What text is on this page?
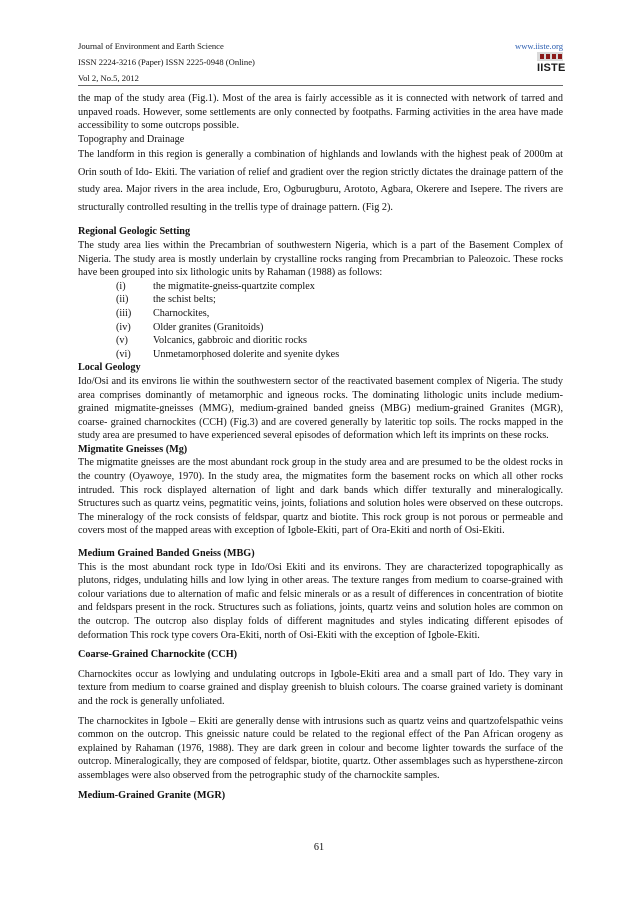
Journal of Environment and Earth Science	www.iiste.org
ISSN 2224-3216 (Paper) ISSN 2225-0948 (Online)
Vol 2, No.5, 2012
IISTE

the map of the study area (Fig.1). Most of the area is fairly accessible as it is connected with network of tarred and unpaved roads. However, some settlements are only connected by footpaths. Farming activities in the area have made accessibility to some outcrops possible.

Topography and Drainage

The landform in this region is generally a combination of highlands and lowlands with the highest peak of 2000m at Orin south of Ido- Ekiti. The variation of relief and gradient over the region strictly dictates the drainage pattern of the study area. Major rivers in the area include, Ero, Ogburugburu, Arototo, Agbara, Okerere and Isepere. The rivers are structurally controlled resulting in the trellis type of drainage pattern. (Fig 2).

Regional Geologic Setting

The study area lies within the Precambrian of southwestern Nigeria, which is a part of the Basement Complex of Nigeria. The study area is mostly underlain by crystalline rocks ranging from Precambrian to Paleozoic. These rocks have been grouped into six lithologic units by Rahaman (1988) as follows:

(i)	the migmatite-gneiss-quartzite complex
(ii) the schist belts;
(iii) Charnockites,
(iv) Older granites (Granitoids)
(v) Volcanics, gabbroic and dioritic rocks
(vi) Unmetamorphosed dolerite and syenite dykes

Local Geology

Ido/Osi and its environs lie within the southwestern sector of the reactivated basement complex of Nigeria. The study area comprises dominantly of metamorphic and igneous rocks. The dominating lithologic units include medium-grained migmatite-gneisses (MMG), medium-grained banded gneiss (MBG) medium-grained Granites (MGR), coarse- grained charnockites (CCH) (Fig.3) and are covered generally by lateritic top soils. The rocks mapped in the study area are presumed to have experienced several episodes of deformation which left its imprints on these rocks.

Migmatite Gneisses (Mg)

The migmatite gneisses are the most abundant rock group in the study area and are presumed to be the oldest rocks in the country (Oyawoye, 1970). In the study area, the migmatites form the basement rocks on which all other rocks intruded. This rock displayed alternation of light and dark bands which differ texturally and mineralogically. Structures such as quartz veins, pegmatitic veins, joints, foliations and solution holes were observed on these outcrops. The mineralogy of the rock consists of feldspar, quartz and biotite. This rock group is not porous or permeable and covers most of the mapped areas with exception of Igbole-Ekiti, part of Ora-Ekiti and north of Osi-Ekiti.

Medium Grained Banded Gneiss (MBG)

This is the most abundant rock type in Ido/Osi Ekiti and its environs. They are characterized topographically as plutons, ridges, undulating hills and low lying in other areas. The texture ranges from medium to coarse-grained with colour variations due to alternation of mafic and felsic minerals or as a result of differences in concentration of biotite and feldspars present in the rock. Structures such as foliations, joints, quartz veins and solution holes are common on the outcrop. The outcrop also display folds of different magnitudes and styles indicating different episodes of deformation This rock type covers Ora-Ekiti, north of Osi-Ekiti with the exception of Igbole-Ekiti.

Coarse-Grained Charnockite (CCH)

Charnockites occur as lowlying and undulating outcrops in Igbole-Ekiti area and a small part of Ido. They vary in texture from medium to coarse grained and display greenish to bluish colours. The coarse grained variety is dominant and the rock is generally unfoliated.

The charnockites in Igbole – Ekiti are generally dense with intrusions such as quartz veins and quartzofelspathic veins common on the outcrop. This gneissic nature could be related to the regional effect of the Pan African orogeny as explained by Rahaman (1976, 1988). They are dark green in colour and become lighter towards the surface of the outcrop. Mineralogically, they are composed of feldspar, biotite, quartz. Other assemblages such as hypersthene-zircon assemblages were also observed from the petrographic study of the charnockite samples.

Medium-Grained Granite (MGR)

61
